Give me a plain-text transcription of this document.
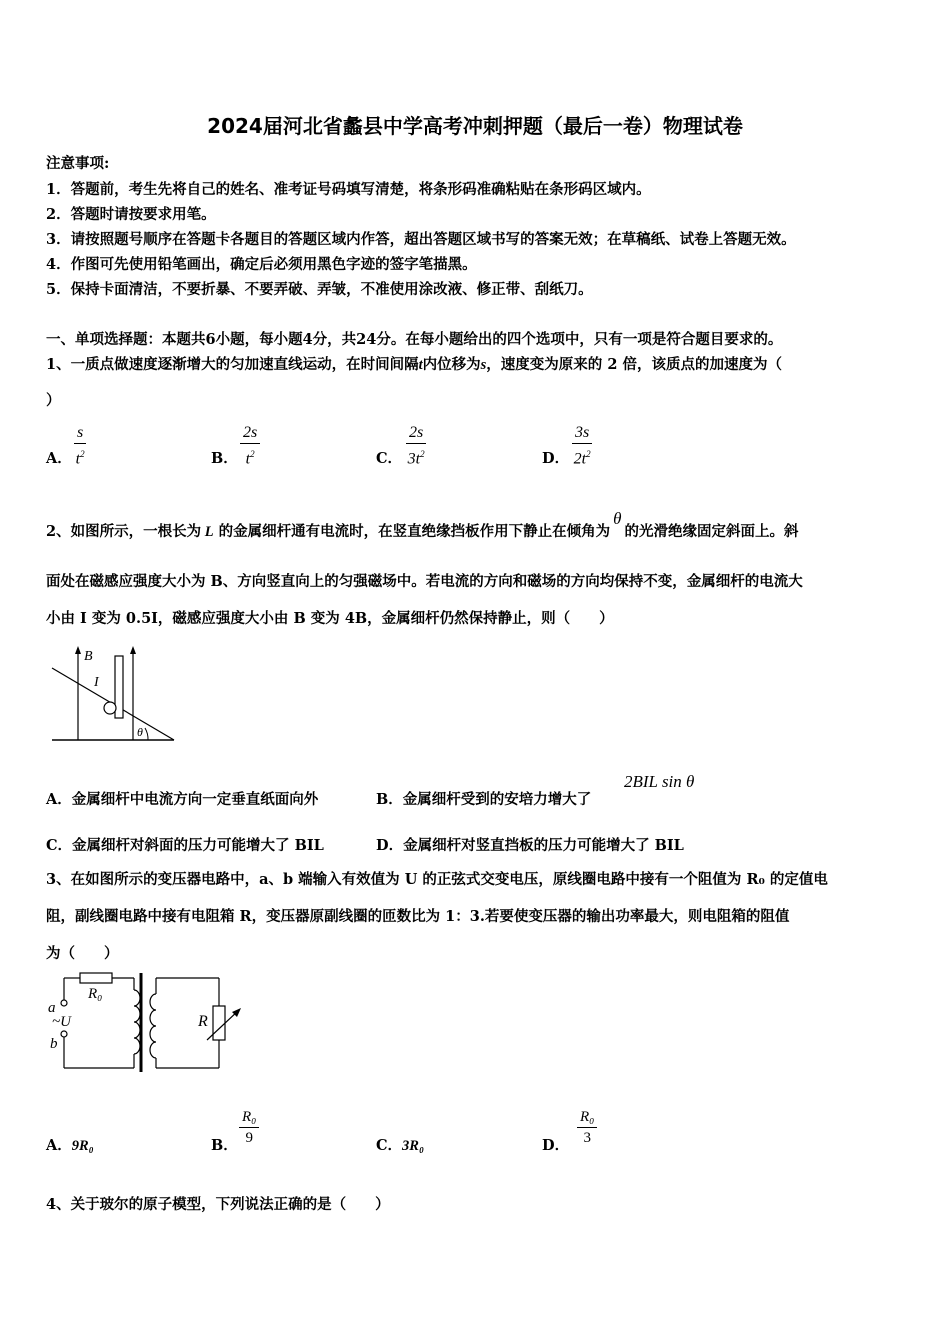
2024届河北省蠡县中学高考冲刺押题（最后一卷）物理试卷
注意事项:
1．答题前，考生先将自己的姓名、准考证号码填写清楚，将条形码准确粘贴在条形码区域内。
2．答题时请按要求用笔。
3．请按照题号顺序在答题卡各题目的答题区域内作答，超出答题区域书写的答案无效；在草稿纸、试卷上答题无效。
4．作图可先使用铅笔画出，确定后必须用黑色字迹的签字笔描黑。
5．保持卡面清洁，不要折暴、不要弄破、弄皱，不准使用涂改液、修正带、刮纸刀。
一、单项选择题：本题共6小题，每小题4分，共24分。在每小题给出的四个选项中，只有一项是符合题目要求的。
1、一质点做速度逐渐增大的匀加速直线运动，在时间间隔t内位移为s，速度变为原来的 2 倍，该质点的加速度为（
）
A． $\frac{s}{t^2}$	B． $\frac{2s}{t^2}$	C． $\frac{2s}{3t^2}$	D． $\frac{3s}{2t^2}$
2、如图所示，一根长为 L 的金属细杆通有电流时，在竖直绝缘挡板作用下静止在倾角为θ的光滑绝缘固定斜面上。斜
面处在磁感应强度大小为 B、方向竖直向上的匀强磁场中。若电流的方向和磁场的方向均保持不变，金属细杆的电流大
小由 I 变为 0.5I，磁感应强度大小由 B 变为 4B，金属细杆仍然保持静止，则（　　）
B
I
θ
A．金属细杆中电流方向一定垂直纸面向外	B．金属细杆受到的安培力增大了
2BIL sin θ
C．金属细杆对斜面的压力可能增大了 BIL	D．金属细杆对竖直挡板的压力可能增大了 BIL
3、在如图所示的变压器电路中，a、b 端输入有效值为 U 的正弦式交变电压，原线圈电路中接有一个阻值为 R₀ 的定值电
阻，副线圈电路中接有电阻箱 R，变压器原副线圈的匝数比为 1：3.若要使变压器的输出功率最大，则电阻箱的阻值
为（　　）
R₀
a
~U
b
R
A．9R₀	B． $\frac{\text{R₀}}{9}$	C．3R₀	D． $\frac{\text{R₀}}{3}$
4、关于玻尔的原子模型，下列说法正确的是（　　）
